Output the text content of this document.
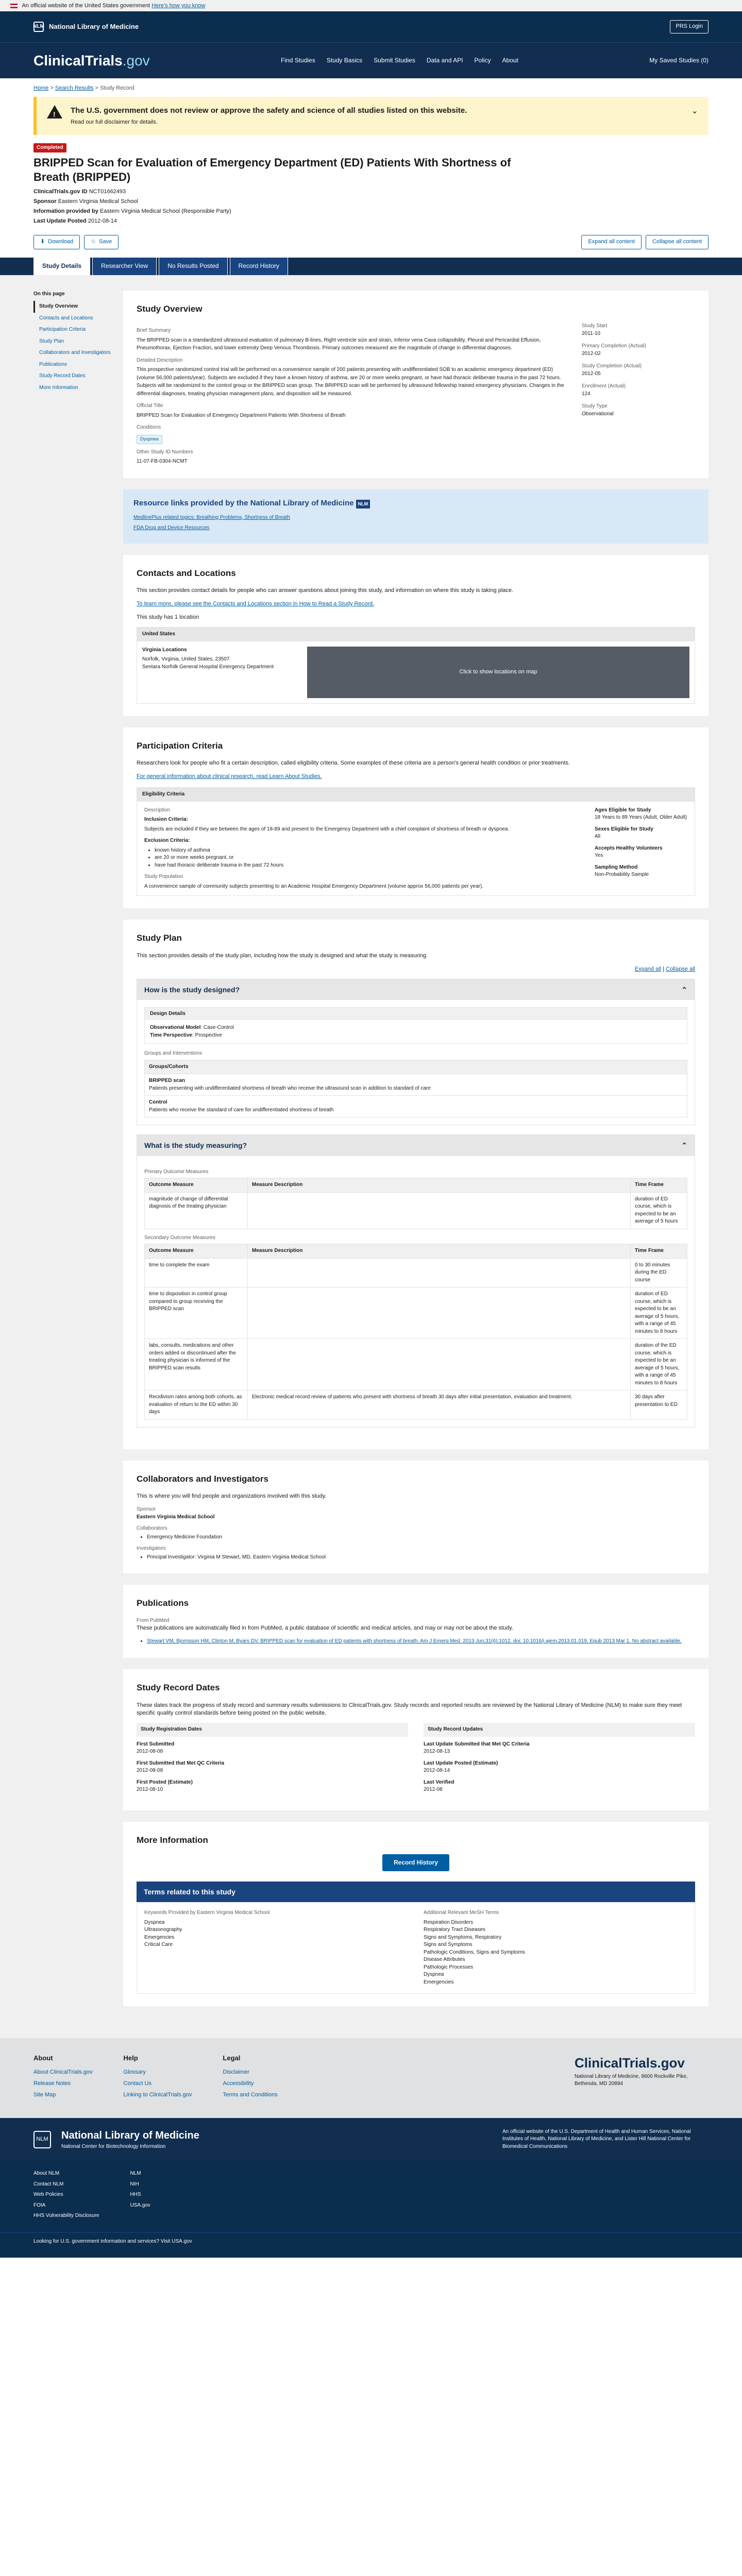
An official website of the United States government Here's how you know
NLM National Library of Medicine	PRS Login
ClinicalTrials.gov	Find Studies Study Basics Submit Studies Data and API Policy About	My Saved Studies (0)
Home > Search Results > Study Record
!
The U.S. government does not review or approve the safety and science of all studies listed on this website.

Read our full disclaimer for details.

⌄
Completed
BRIPPED Scan for Evaluation of Emergency Department (ED) Patients With Shortness of Breath (BRIPPED)
ClinicalTrials.gov ID NCT01662493
Sponsor Eastern Virginia Medical School
Information provided by Eastern Virginia Medical School (Responsible Party)
Last Update Posted 2012-08-14
⬇ Download	☆ Save	Expand all content	Collapse all content
Study Details	Researcher View	No Results Posted	Record History
On this page
Study Overview
Contacts and Locations
Participation Criteria
Study Plan
Collaborators and Investigators
Publications
Study Record Dates
More Information
Study Overview
Brief Summary

The BRIPPED scan is a standardized ultrasound evaluation of pulmonary B-lines, Right ventricle size and strain, Inferior vena Cava collapsibility, Pleural and Pericardial Effusion, Pneumothorax, Ejection Fraction, and lower extremity Deep Venous Thrombosis. Primary outcomes measured are the magnitude of change in differential diagnoses.

Detailed Description

This prospective randomized control trial will be performed on a convenience sample of 200 patients presenting with undifferentiated SOB to an academic emergency department (ED) (volume 56,000 patients/year). Subjects are excluded if they have a known history of asthma, are 20 or more weeks pregnant, or have had thoracic deliberate trauma in the past 72 hours. Subjects will be randomized to the control group or the BRIPPED scan group. The BRIPPED scan will be performed by ultrasound fellowship trained emergency physicians. Changes in the differential diagnoses, treating physician management plans, and disposition will be measured.

Official Title

BRIPPED Scan for Evaluation of Emergency Department Patients With Shortness of Breath

Conditions
Dyspnea
Other Study ID Numbers

11-07-FB-0304-NCMT

Study Start
2011-10
Primary Completion (Actual)
2012-02
Study Completion (Actual)
2012-05
Enrollment (Actual)
124
Study Type
Observational
Resource links provided by the National Library of Medicine NLM

MedlinePlus related topics: Breathing Problems, Shortness of Breath

FDA Drug and Device Resources

Contacts and Locations

This section provides contact details for people who can answer questions about joining this study, and information on where this study is taking place.

To learn more, please see the Contacts and Locations section in How to Read a Study Record.

This study has 1 location

United States
Virginia Locations
Norfolk, Virginia, United States, 23507
Sentara Norfolk General Hospital Emergency Department
Click to show locations on map
Participation Criteria

Researchers look for people who fit a certain description, called eligibility criteria. Some examples of these criteria are a person's general health condition or prior treatments.

For general information about clinical research, read Learn About Studies.

Eligibility Criteria
Description
Inclusion Criteria:

Subjects are included if they are between the ages of 18-89 and present to the Emergency Department with a chief complaint of shortness of breath or dyspnea.

Exclusion Criteria:
• known history of asthma
• are 20 or more weeks pregnant, or
• have had thoracic deliberate trauma in the past 72 hours
Study Population

A convenience sample of community subjects presenting to an Academic Hospital Emergency Department (volume approx 56,000 patients per year).

Ages Eligible for Study
18 Years to 89 Years (Adult, Older Adult)
Sexes Eligible for Study
All
Accepts Healthy Volunteers
Yes
Sampling Method
Non-Probability Sample
Study Plan

This section provides details of the study plan, including how the study is designed and what the study is measuring.

Expand all | Collapse all

How is the study designed?	⌃
Design Details
Observational Model: Case-Control
Time Perspective: Prospective
Groups and Interventions
Groups/Cohorts

BRIPPED scan
Patients presenting with undifferentiated shortness of breath who receive the ultrasound scan in addition to standard of care

Control
Patients who receive the standard of care for undifferentiated shortness of breath
What is the study measuring?	⌃
Primary Outcome Measures
Outcome Measure	Measure Description	Time Frame
magnitude of change of differential diagnosis of the treating physician		duration of ED course, which is expected to be an average of 5 hours
Secondary Outcome Measures
Outcome Measure	Measure Description	Time Frame
time to complete the exam		0 to 30 minutes during the ED course
time to disposition in control group compared to group receiving the BRIPPED scan		duration of ED course, which is expected to be an average of 5 hours, with a range of 45 minutes to 8 hours
labs, consults, medications and other orders added or discontinued after the treating physician is informed of the BRIPPED scan results		duration of the ED course, which is expected to be an average of 5 hours, with a range of 45 minutes to 8 hours
Recidivism rates among both cohorts, as evaluation of return to the ED within 30 days	Electronic medical record review of patients who present with shortness of breath 30 days after initial presentation, evaluation and treatment.	30 days after presentation to ED
Collaborators and Investigators

This is where you will find people and organizations involved with this study.

Sponsor
Eastern Virginia Medical School
Collaborators
• Emergency Medicine Foundation
Investigators
• Principal Investigator: Virginia M Stewart, MD, Eastern Virginia Medical School
Publications
From PubMed

These publications are automatically filed in from PubMed, a public database of scientific and medical articles, and may or may not be about the study.

• Stewart VM, Bjornsson HM, Clinton M, Byars DV. BRIPPED scan for evaluation of ED patients with shortness of breath. Am J Emerg Med. 2013 Jun;31(6):1012. doi: 10.1016/j.ajem.2013.01.019. Epub 2013 Mar 1. No abstract available.
Study Record Dates

These dates track the progress of study record and summary results submissions to ClinicalTrials.gov. Study records and reported results are reviewed by the National Library of Medicine (NLM) to make sure they meet specific quality control standards before being posted on the public website.

Study Registration Dates
First Submitted
2012-08-08
First Submitted that Met QC Criteria
2012-08-08
First Posted (Estimate)
2012-08-10
Study Record Updates
Last Update Submitted that Met QC Criteria
2012-08-13
Last Update Posted (Estimate)
2012-08-14
Last Verified
2012-08
More Information
Record History
Terms related to this study
Keywords Provided by Eastern Virginia Medical School
Dyspnea
Ultrasonography
Emergencies
Critical Care
Additional Relevant MeSH Terms
Respiration Disorders
Respiratory Tract Diseases
Signs and Symptoms, Respiratory
Signs and Symptoms
Pathologic Conditions, Signs and Symptoms
Disease Attributes
Pathologic Processes
Dyspnea
Emergencies
About
About ClinicalTrials.gov
Release Notes
Site Map
Help
Glossary
Contact Us
Linking to ClinicalTrials.gov
Legal
Disclaimer
Accessibility
Terms and Conditions
ClinicalTrials.gov
National Library of Medicine, 8600 Rockville Pike, Bethesda, MD 20894
NLM National Library of Medicine
National Center for Biotechnology Information
An official website of the U.S. Department of Health and Human Services, National Institutes of Health, National Library of Medicine, and Lister Hill National Center for Biomedical Communications
About NLM
Contact NLM
Web Policies
FOIA
HHS Vulnerability Disclosure
NLM
NIH
HHS
USA.gov
Looking for U.S. government information and services? Visit USA.gov
